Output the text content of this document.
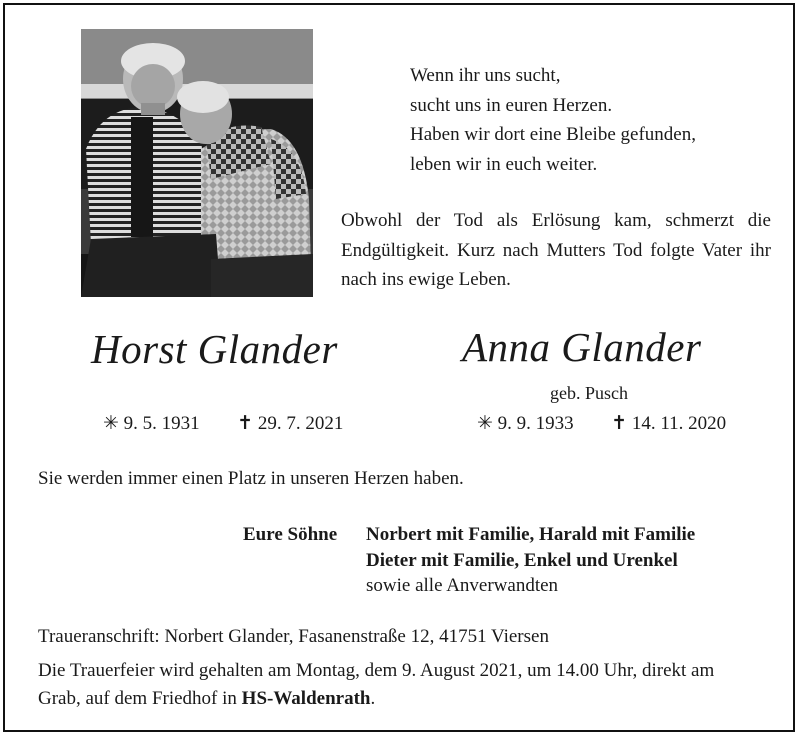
Wenn ihr uns sucht,
sucht uns in euren Herzen.
Haben wir dort eine Bleibe gefunden,
leben wir in euch weiter.
Obwohl der Tod als Erlösung kam, schmerzt die Endgültigkeit. Kurz nach Mutters Tod folgte Vater ihr nach ins ewige Leben.
Horst Glander	Anna Glander
geb. Pusch
✳ 9. 5. 1931 ✝ 29. 7. 2021	✳ 9. 9. 1933 ✝ 14. 11. 2020
Sie werden immer einen Platz in unseren Herzen haben.
Eure Söhne Norbert mit Familie, Harald mit Familie
Dieter mit Familie, Enkel und Urenkel
sowie alle Anverwandten
Traueranschrift: Norbert Glander, Fasanenstraße 12, 41751 Viersen
Die Trauerfeier wird gehalten am Montag, dem 9. August 2021, um 14.00 Uhr, direkt am
Grab, auf dem Friedhof in HS-Waldenrath.
